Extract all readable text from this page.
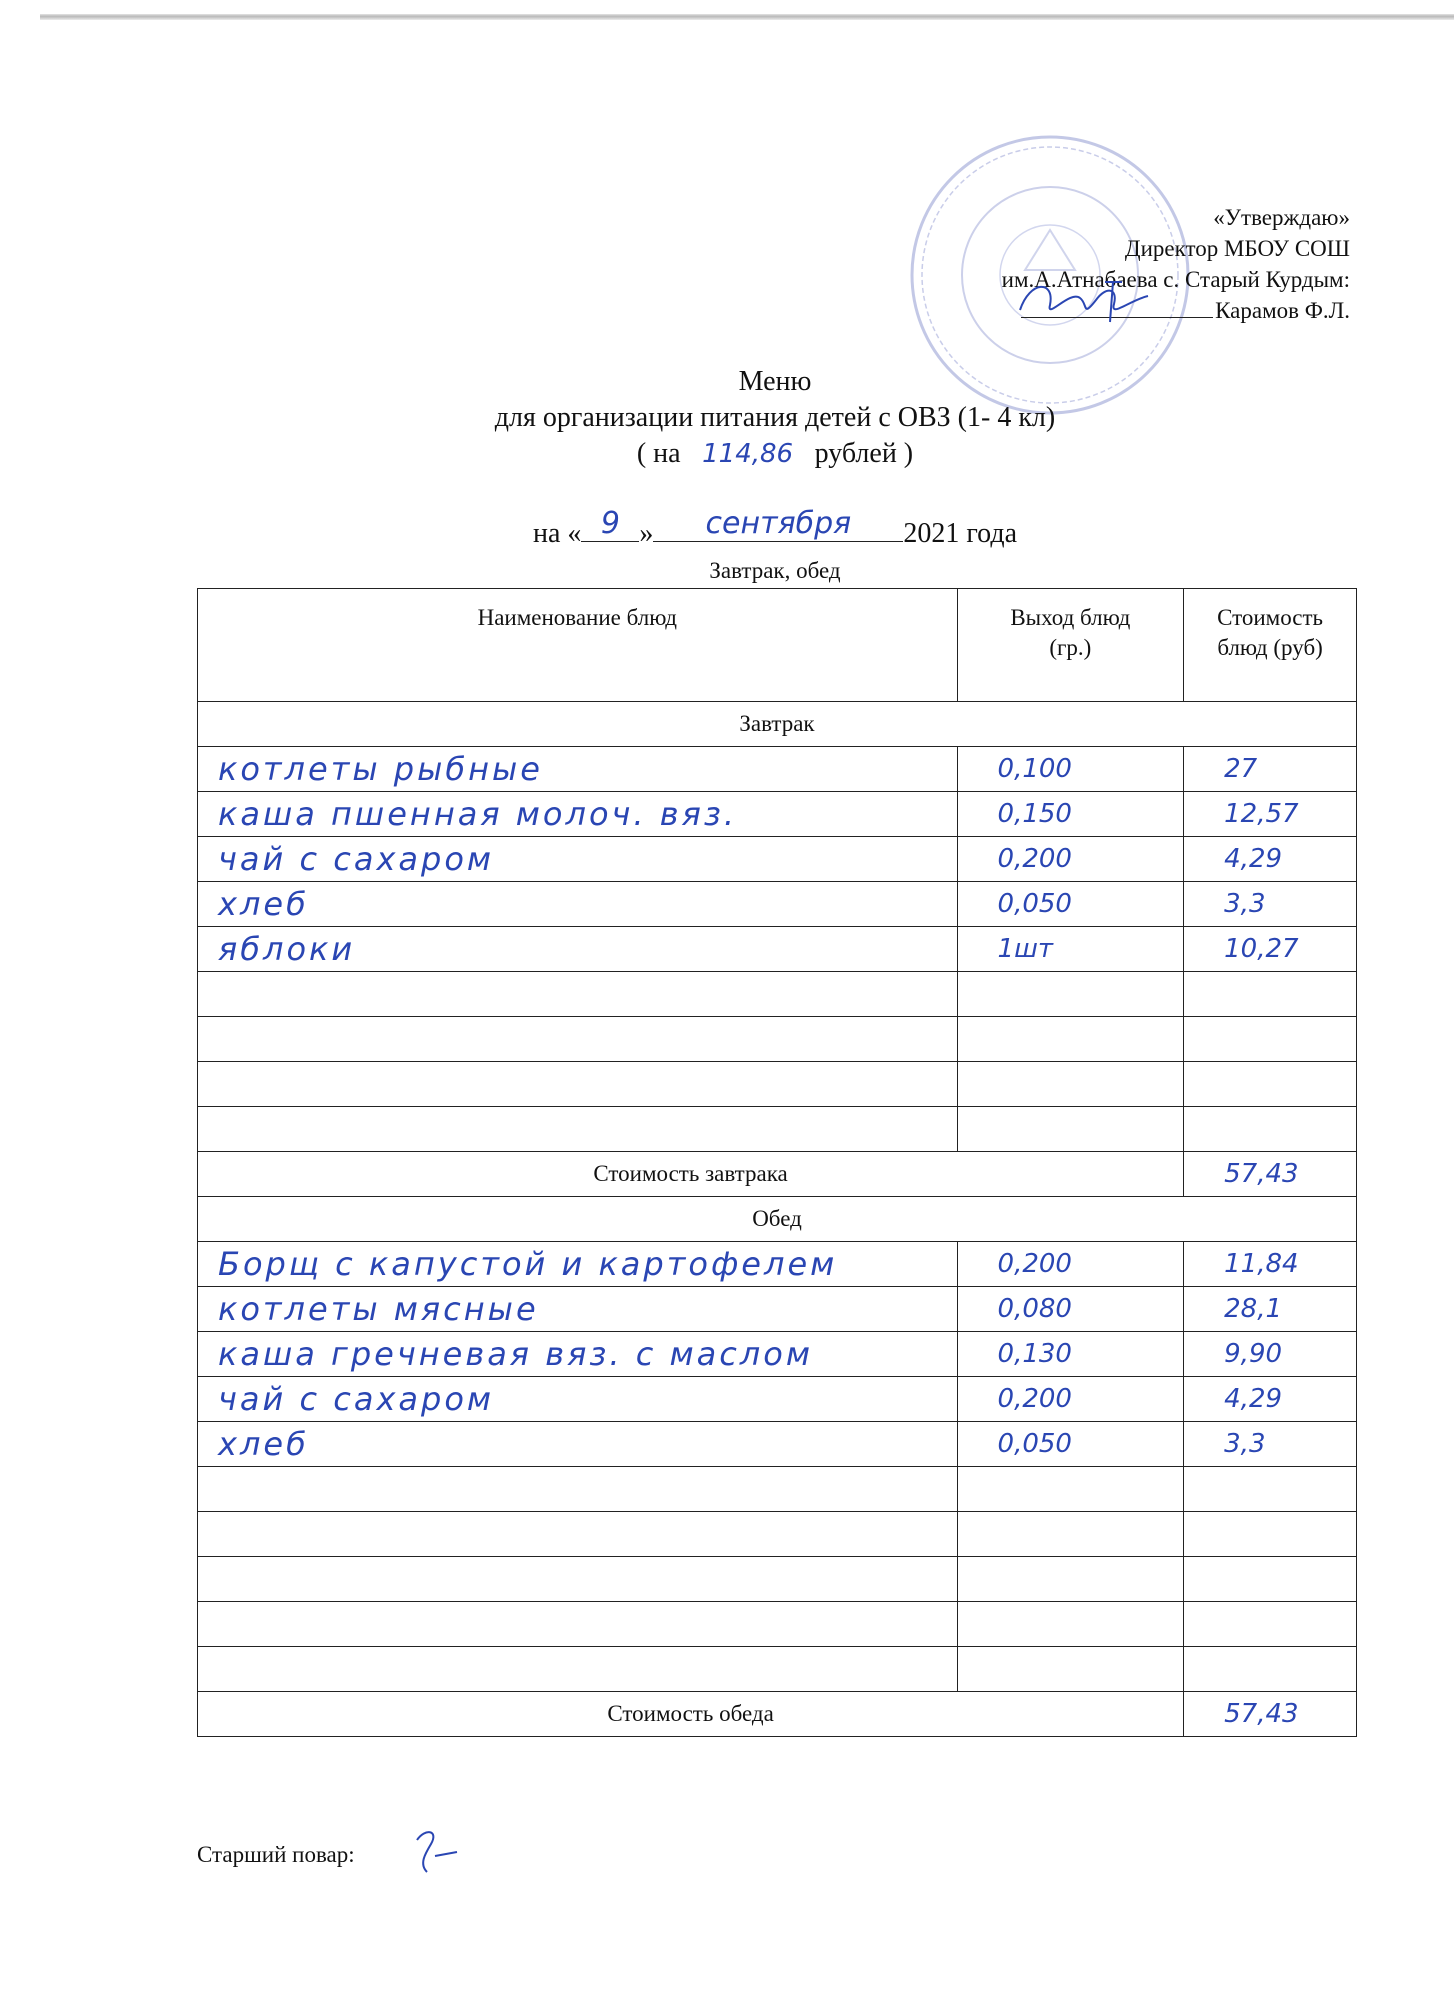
«Утверждаю»
Директор МБОУ СОШ
им.А.Атнабаева с. Старый Курдым:
Карамов Ф.Л.
Меню
для организации питания детей с ОВЗ (1- 4 кл)
( на 114,86 рублей )
на « 9 »	сентября	2021 года
Завтрак, обед
Наименование блюд	Выход блюд (гр.)	Стоимость блюд (руб)
Завтрак		
котлеты рыбные	0,100	27
каша пшенная молоч. вяз.	0,150	12,57
чай с сахаром	0,200	4,29
хлеб	0,050	3,3
яблоки	1шт	10,27

Стоимость завтрака		57,43
Обед		
Борщ с капустой и картофелем	0,200	11,84
котлеты мясные	0,080	28,1
каша гречневая вяз. с маслом	0,130	9,90
чай с сахаром	0,200	4,29
хлеб	0,050	3,3

Стоимость обеда		57,43
Старший повар:
